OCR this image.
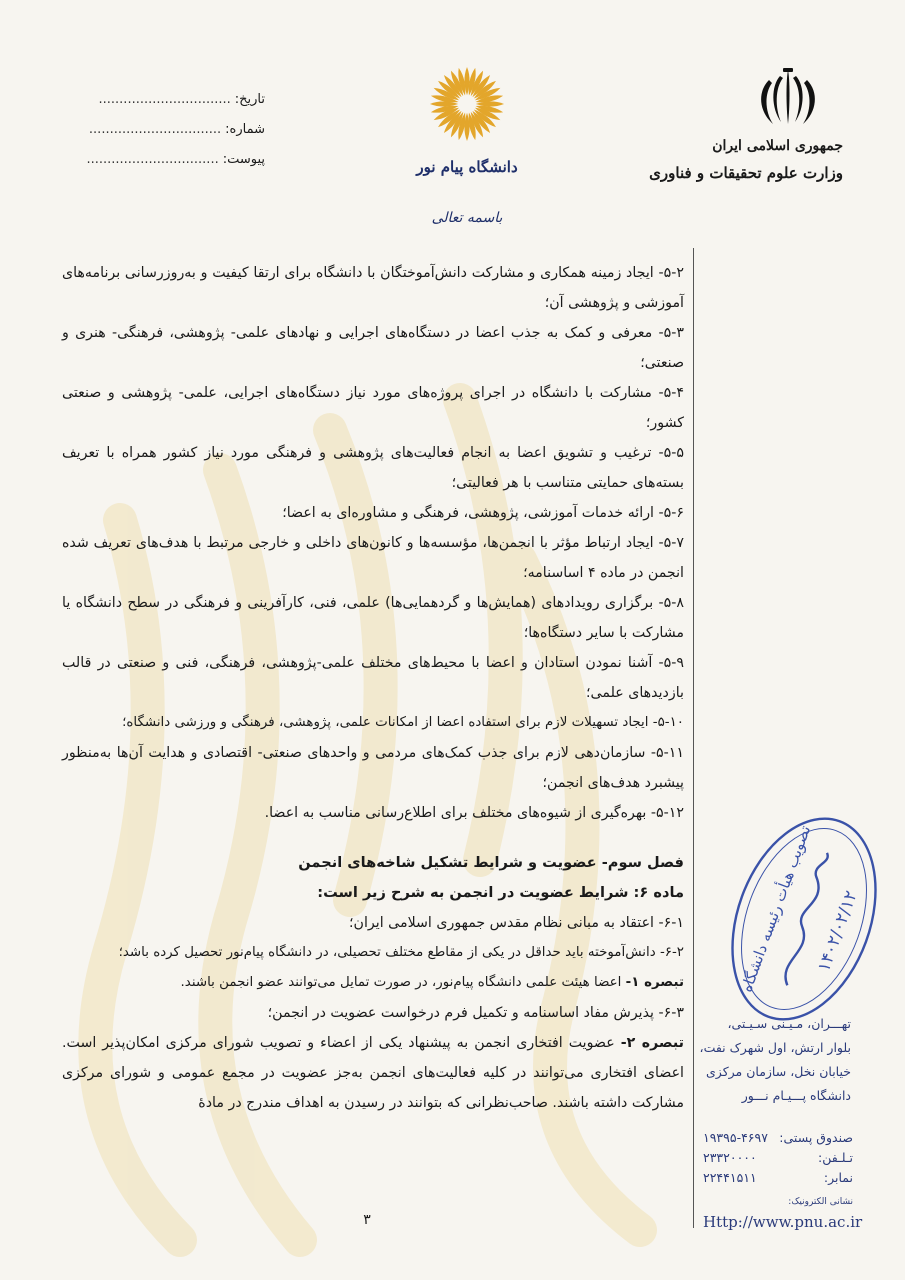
جمهوری اسلامی ایران
وزارت علوم تحقیقات و فناوری
دانشگاه پیام نور
باسمه تعالی
تاریخ:
................................
شماره:
................................
پیوست:
................................

۵-۲- ایجاد زمینه همکاری و مشارکت دانش‌آموختگان با دانشگاه برای ارتقا کیفیت و به‌روزرسانی برنامه‌های آموزشی و پژوهشی آن؛

۵-۳- معرفی و کمک به جذب اعضا در دستگاه‌های اجرایی و نهادهای علمی- پژوهشی، فرهنگی- هنری و صنعتی؛

۵-۴- مشارکت با دانشگاه در اجرای پروژه‌های مورد نیاز دستگاه‌های اجرایی، علمی- پژوهشی و صنعتی کشور؛

۵-۵- ترغیب و تشویق اعضا به انجام فعالیت‌های پژوهشی و فرهنگی مورد نیاز کشور همراه با تعریف بسته‌های حمایتی متناسب با هر فعالیتی؛

۵-۶- ارائه خدمات آموزشی، پژوهشی، فرهنگی و مشاوره‌ای به اعضا؛

۵-۷- ایجاد ارتباط مؤثر با انجمن‌ها، مؤسسه‌ها و کانون‌های داخلی و خارجی مرتبط با هدف‌های تعریف شده انجمن در ماده ۴ اساسنامه؛

۵-۸- برگزاری رویدادهای (همایش‌ها و گردهمایی‌ها) علمی، فنی، کارآفرینی و فرهنگی در سطح دانشگاه یا مشارکت با سایر دستگاه‌ها؛

۵-۹- آشنا نمودن استادان و اعضا با محیط‌های مختلف علمی-پژوهشی، فرهنگی، فنی و صنعتی در قالب بازدیدهای علمی؛

۵-۱۰- ایجاد تسهیلات لازم برای استفاده اعضا از امکانات علمی، پژوهشی، فرهنگی و ورزشی دانشگاه؛

۵-۱۱- سازمان‌دهی لازم برای جذب کمک‌های مردمی و واحدهای صنعتی- اقتصادی و هدایت آن‌ها به‌منظور پیشبرد هدف‌های انجمن؛

۵-۱۲- بهره‌گیری از شیوه‌های مختلف برای اطلاع‌رسانی مناسب به اعضا.

فصل سوم- عضویت و شرایط تشکیل شاخه‌های انجمن

ماده ۶: شرایط عضویت در انجمن به شرح زیر است:

۶-۱- اعتقاد به مبانی نظام مقدس جمهوری اسلامی ایران؛

۶-۲- دانش‌آموخته باید حداقل در یکی از مقاطع مختلف تحصیلی، در دانشگاه پیام‌نور تحصیل کرده باشد؛

تبصره ۱- اعضا هیئت علمی دانشگاه پیام‌نور، در صورت تمایل می‌توانند عضو انجمن باشند.

۶-۳- پذیرش مفاد اساسنامه و تکمیل فرم درخواست عضویت در انجمن؛

تبصره ۲- عضویت افتخاری انجمن به پیشنهاد یکی از اعضاء و تصویب شورای مرکزی امکان‌پذیر است. اعضای افتخاری می‌توانند در کلیه فعالیت‌های انجمن به‌جز عضویت در مجمع عمومی و شورای مرکزی مشارکت داشته باشند. صاحب‌نظرانی که بتوانند در رسیدن به اهداف مندرج در مادهٔ

۳
تصویب هیأت رئیسه دانشگاه ۱۴۰۲/۰۲/۱۲

تهـــران، مـیـنی سـیـتی،

بلوار ارتش، اول شهرک نفت،

خیابان نخل، سازمان مرکزی

دانشگاه پـــیـام نـــور

صندوق پستی:
۱۹۳۹۵-۴۶۹۷
تـلـفن:
۲۳۳۲۰۰۰۰
نمابر:
۲۲۴۴۱۵۱۱
نشانی الکترونیک:
Http://www.pnu.ac.ir
